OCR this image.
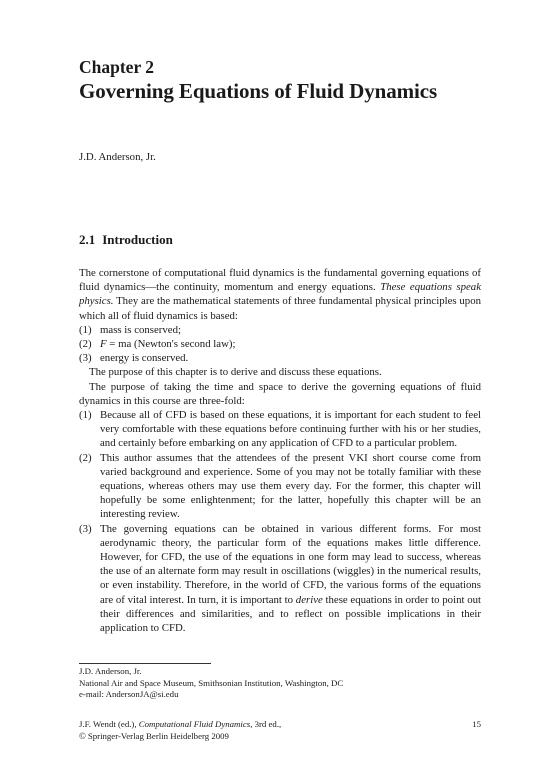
Chapter 2
Governing Equations of Fluid Dynamics
J.D. Anderson, Jr.
2.1 Introduction

The cornerstone of computational fluid dynamics is the fundamental governing equations of fluid dynamics—the continuity, momentum and energy equations. These equations speak physics. They are the mathematical statements of three fundamental physical principles upon which all of fluid dynamics is based:

(1) mass is conserved;
(2) F = ma (Newton's second law);
(3) energy is conserved.

The purpose of this chapter is to derive and discuss these equations.

The purpose of taking the time and space to derive the governing equations of fluid dynamics in this course are three-fold:

(1) Because all of CFD is based on these equations, it is important for each student to feel very comfortable with these equations before continuing further with his or her studies, and certainly before embarking on any application of CFD to a particular problem.
(2) This author assumes that the attendees of the present VKI short course come from varied background and experience. Some of you may not be totally familiar with these equations, whereas others may use them every day. For the former, this chapter will hopefully be some enlightenment; for the latter, hopefully this chapter will be an interesting review.
(3) The governing equations can be obtained in various different forms. For most aerodynamic theory, the particular form of the equations makes little difference. However, for CFD, the use of the equations in one form may lead to success, whereas the use of an alternate form may result in oscillations (wiggles) in the numerical results, or even instability. Therefore, in the world of CFD, the various forms of the equations are of vital interest. In turn, it is important to derive these equations in order to point out their differences and similarities, and to reflect on possible implications in their application to CFD.
J.D. Anderson, Jr.
National Air and Space Museum, Smithsonian Institution, Washington, DC
e-mail: AndersonJA@si.edu
J.F. Wendt (ed.), Computational Fluid Dynamics, 3rd ed.,	15
© Springer-Verlag Berlin Heidelberg 2009
